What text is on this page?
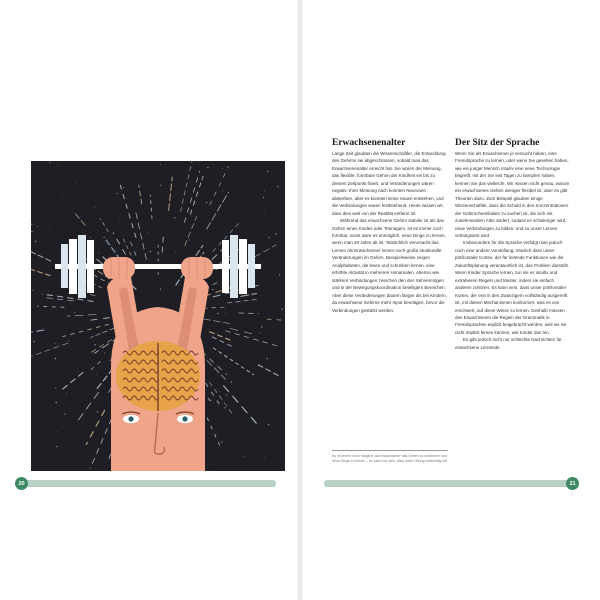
Erwachsenenalter

Lange Zeit glaubten die Wissenschaftler, die Entwicklung des Gehirns sei abgeschlossen, sobald man das Erwachsenenalter erreicht hat. Sie waren der Meinung, das flexible, formbare Gehirn der Kindheit sei bis zu diesem Zeitpunkt fixiert, und Veränderungen wären negativ: Ihrer Meinung nach konnten Neuronen absterben, aber es konnten keine neuen entstehen, und die Verbindungen waren festtstehend. Heute wissen wir, dass dies weit von der Realität entfernt ist.

Während das erwachsene Gehirn stabiler ist als das Gehirn eines Kindes oder Teenagers, ist es immer noch formbar, sonst wäre es unmöglich, neue Dinge zu lernen, wenn man 20 Jahre alt ist. Tatsächlich verursacht das Lernen als Erwachsener immer noch große strukturelle Veränderungen im Gehirn. Beispielsweise zeigen Analphabeten, die lesen und schreiben lernen, eine erhöhte Aktivität in mehreren Hirnarealen, ebenso wie stärkere Verbindungen zwischen den den Sehvermögen und in der Bewegungskoordination beteiligten Bereichen. Aber diese Veränderungen dauern länger als bei Kindern, da erwachsene Gehirne mehr Input benötigen, bevor die Verbindungen gestärkt werden.

Es ist immer noch möglich, als Erwachsener das Gehirn zu verändern und neue Dinge zu lernen – es kann nur sein, dass mehr Übung notwendig ist!
Der Sitz der Sprache

Wenn Sie als Erwachsener je versucht haben, eine Fremdsprache zu lernen, oder wenn Sie gesehen haben, wie ein junger Mensch intuitiv eine neue Technologie begreift, mit der Sie seit Tagen zu kämpfen haben, kennen Sie das vielleicht. Wir wissen nicht genau, warum ein erwachsenes Gehirn weniger flexibel ist, aber es gibt Theorien dazu. Zum Beispiel glauben einige Wissenschaftler, dass die Schuld in den Konzentrationen der Gehirnchemikalien zu suchen ist, die sich mit zunehmendem Alter ändert, sodass es schwieriger wird, neue Verbindungen zu bilden, und so unser Lernen verlangsamt wird.

Insbesondere für die Sprache verfolgt man jedoch noch eine andere Vorstellung, nämlich dass unser präfrontaler Kortex, der für leitende Funktionen wie die Zukunftsplanung verantwortlich ist, das Problem darstellt. Wenn Kinder Sprache lernen, tun sie es intuitiv und extrahieren Regeln und Muster, indem sie einfach anderen zuhören. Es kann sein, dass unser präfrontaler Kortex, der erst in den Zwanzigern vollständig ausgereift ist, mit diesen Mechanismen konkurriert, was es uns erschwert, auf diese Weise zu lernen. Deshalb müssen den Erwachsenen die Regeln der Grammatik in Fremdsprachen explizit beigebracht werden, weil sie sie nicht implizit lernen können, wie Kinder das tun.

Es gibt jedoch nicht nur schlechte Nachrichten für erwachsene Lernende.

20	21
